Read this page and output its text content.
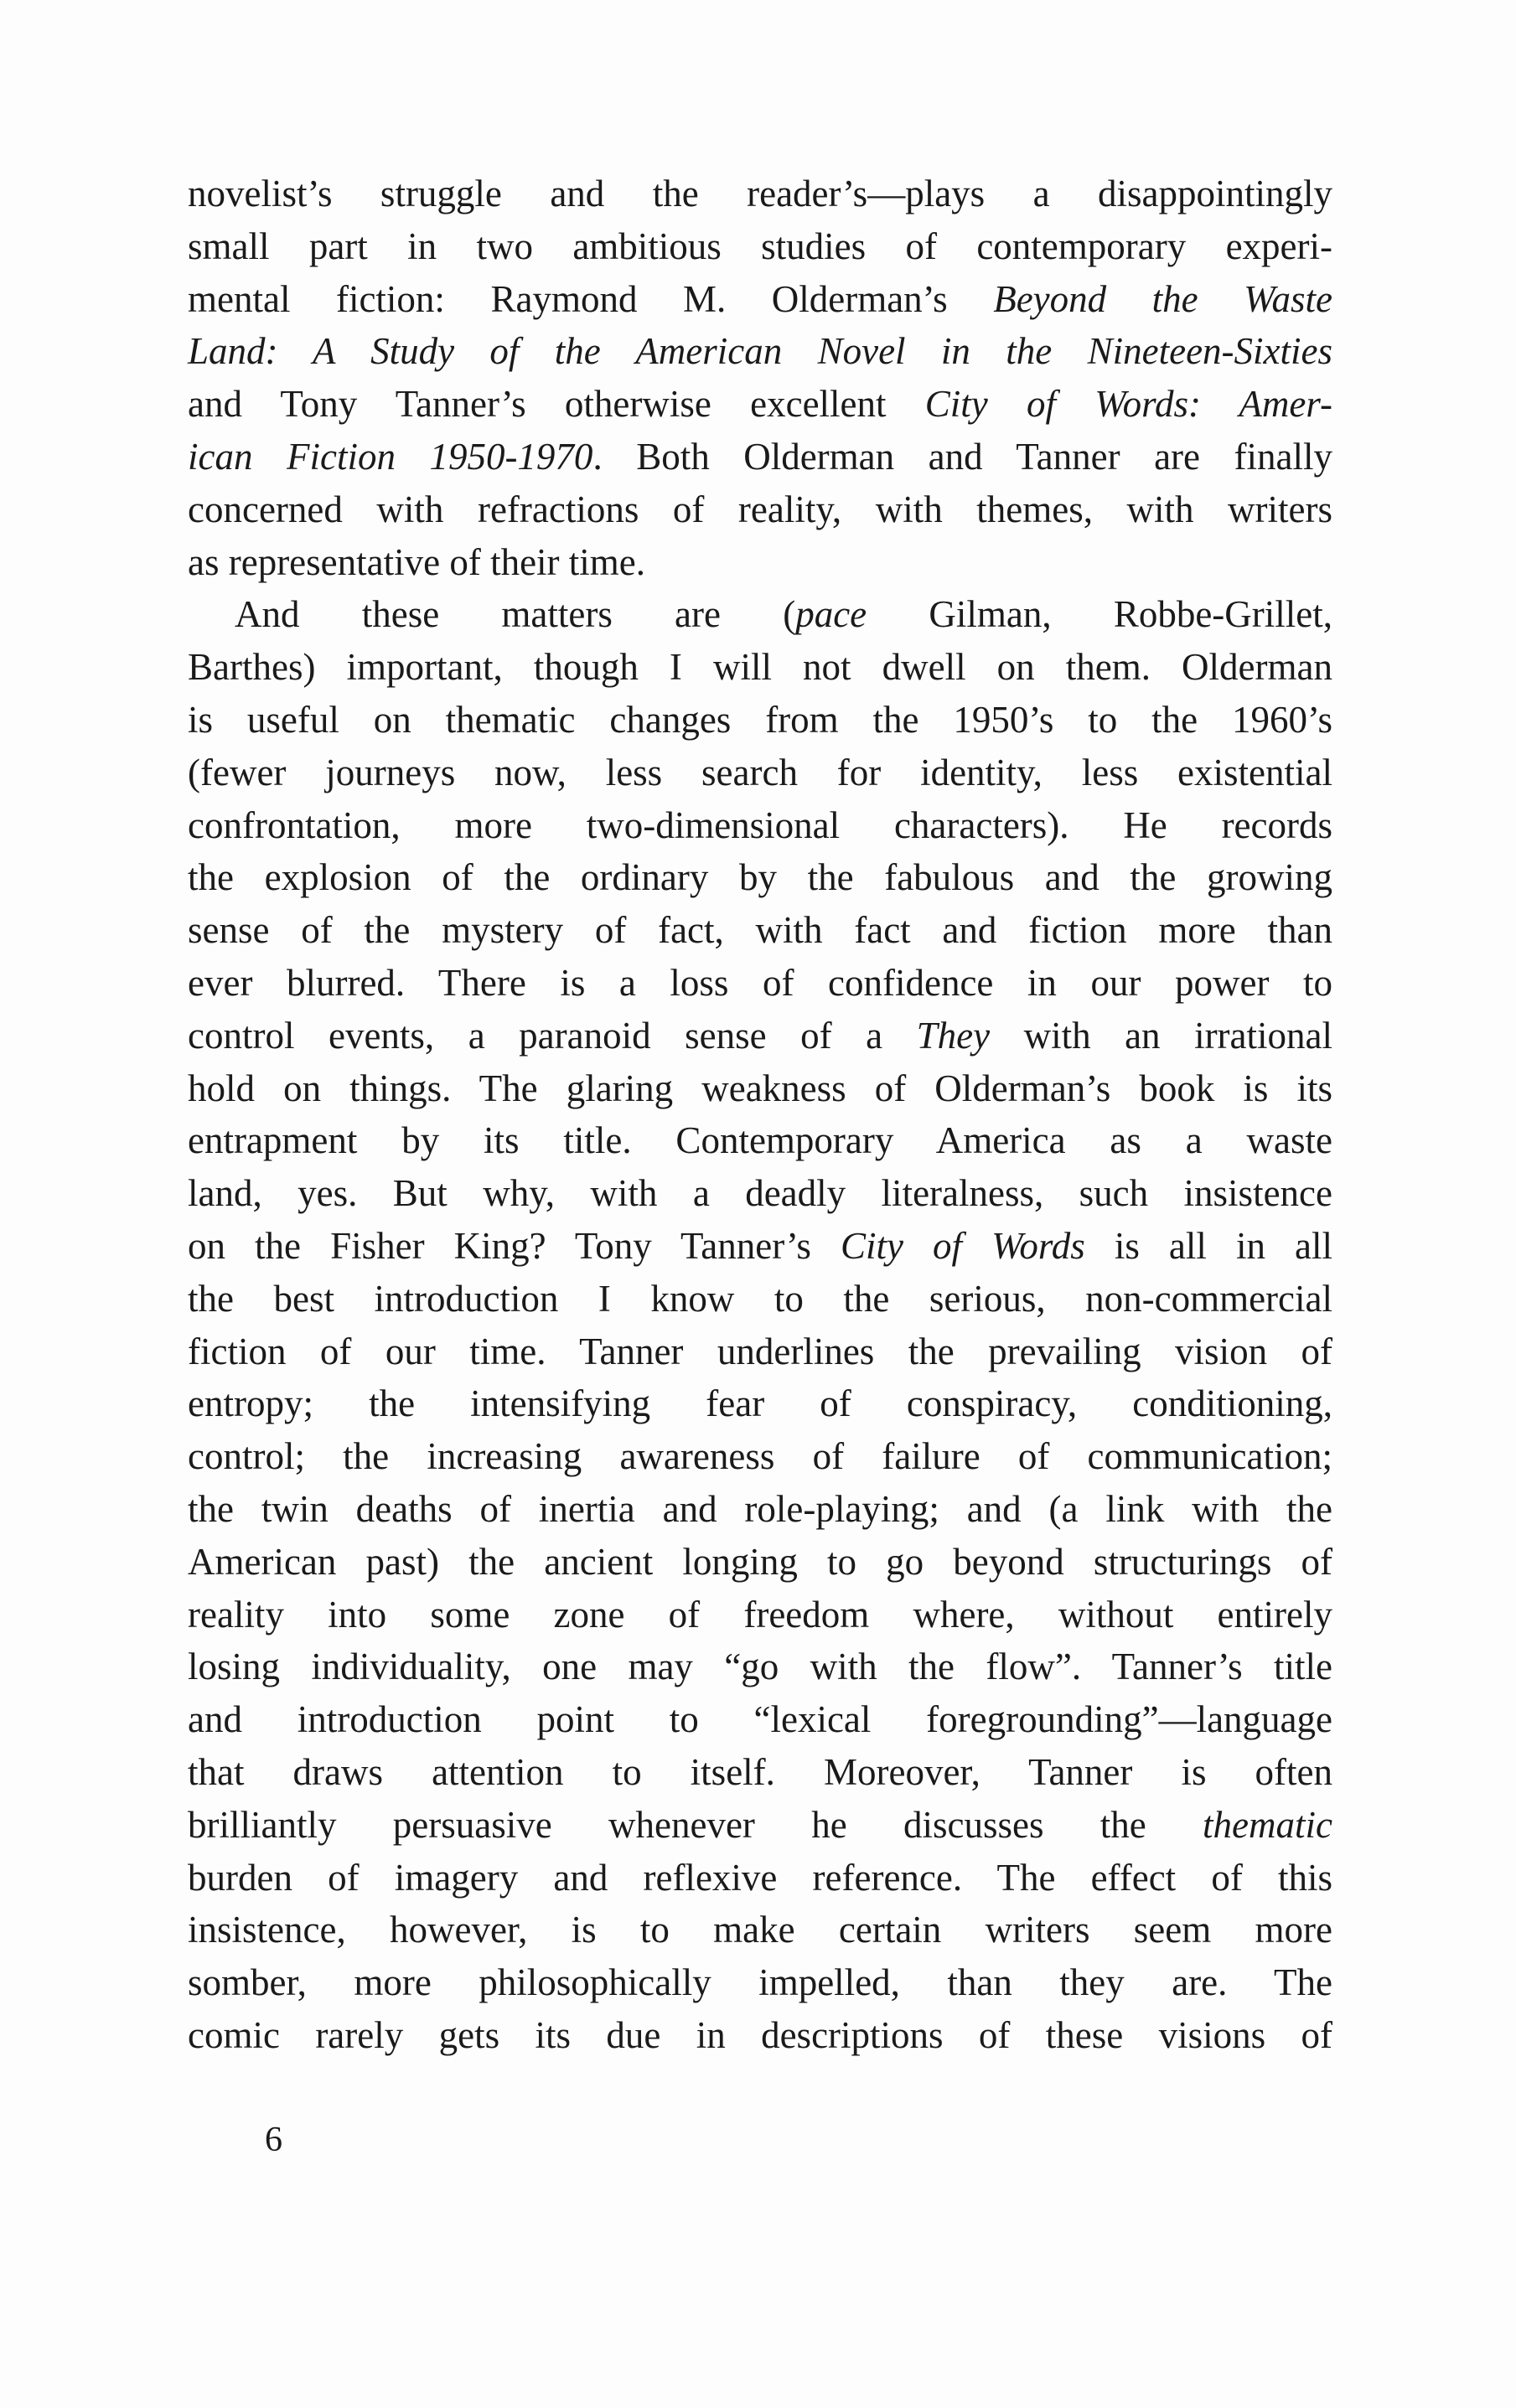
novelist’s struggle and the reader’s—plays a disappointingly
small part in two ambitious studies of contemporary experi-
mental fiction: Raymond M. Olderman’s Beyond the Waste
Land: A Study of the American Novel in the Nineteen-Sixties
and Tony Tanner’s otherwise excellent City of Words: Amer-
ican Fiction 1950-1970. Both Olderman and Tanner are finally
concerned with refractions of reality, with themes, with writers
as representative of their time.
And these matters are (pace Gilman, Robbe-Grillet,
Barthes) important, though I will not dwell on them. Olderman
is useful on thematic changes from the 1950’s to the 1960’s
(fewer journeys now, less search for identity, less existential
confrontation, more two-dimensional characters). He records
the explosion of the ordinary by the fabulous and the growing
sense of the mystery of fact, with fact and fiction more than
ever blurred. There is a loss of confidence in our power to
control events, a paranoid sense of a They with an irrational
hold on things. The glaring weakness of Olderman’s book is its
entrapment by its title. Contemporary America as a waste
land, yes. But why, with a deadly literalness, such insistence
on the Fisher King? Tony Tanner’s City of Words is all in all
the best introduction I know to the serious, non-commercial
fiction of our time. Tanner underlines the prevailing vision of
entropy; the intensifying fear of conspiracy, conditioning,
control; the increasing awareness of failure of communication;
the twin deaths of inertia and role-playing; and (a link with the
American past) the ancient longing to go beyond structurings of
reality into some zone of freedom where, without entirely
losing individuality, one may “go with the flow”. Tanner’s title
and introduction point to “lexical foregrounding”—language
that draws attention to itself. Moreover, Tanner is often
brilliantly persuasive whenever he discusses the thematic
burden of imagery and reflexive reference. The effect of this
insistence, however, is to make certain writers seem more
somber, more philosophically impelled, than they are. The
comic rarely gets its due in descriptions of these visions of
6
